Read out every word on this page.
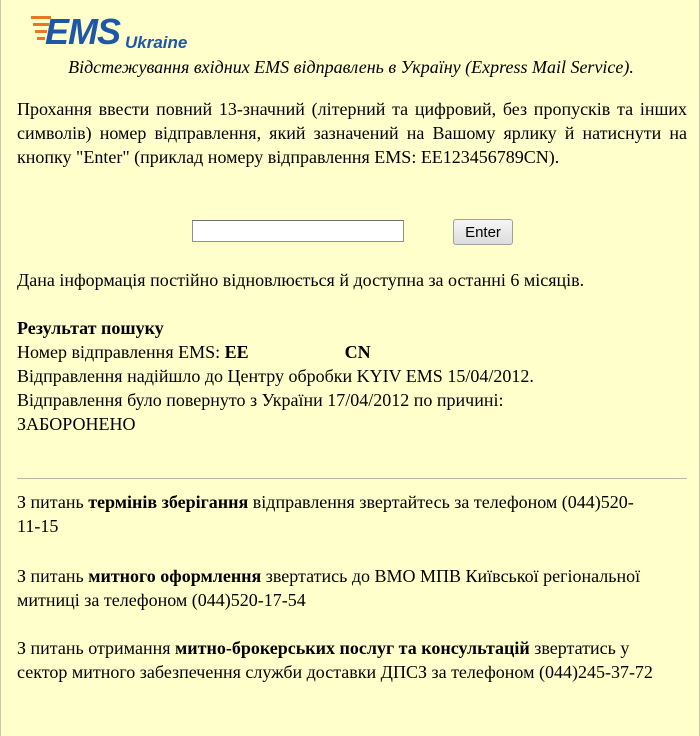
EMS Ukraine
Відстежування вхідних EMS відправлень в Україну (Express Mail Service).
Прохання ввести повний 13-значний (літерний та цифровий, без пропусків та інших символів) номер відправлення, який зазначений на Вашому ярлику й натиснути на кнопку "Enter" (приклад номеру відправлення EMS: EE123456789CN).
Enter
Дана інформація постійно відновлюється й доступна за останні 6 місяців.
Результат пошуку
Номер відправлення EMS: EE	CN
Відправлення надійшло до Центру обробки KYIV EMS 15/04/2012.
Відправлення було повернуто з України 17/04/2012 по причині:
ЗАБОРОНЕНО
З питань термінів зберігання відправлення звертайтесь за телефоном (044)520-11-15
З питань митного оформлення звертатись до ВМО МПВ Київської регіональної митниці за телефоном (044)520-17-54
З питань отримання митно-брокерських послуг та консультацій звертатись у сектор митного забезпечення служби доставки ДПСЗ за телефоном (044)245-37-72
